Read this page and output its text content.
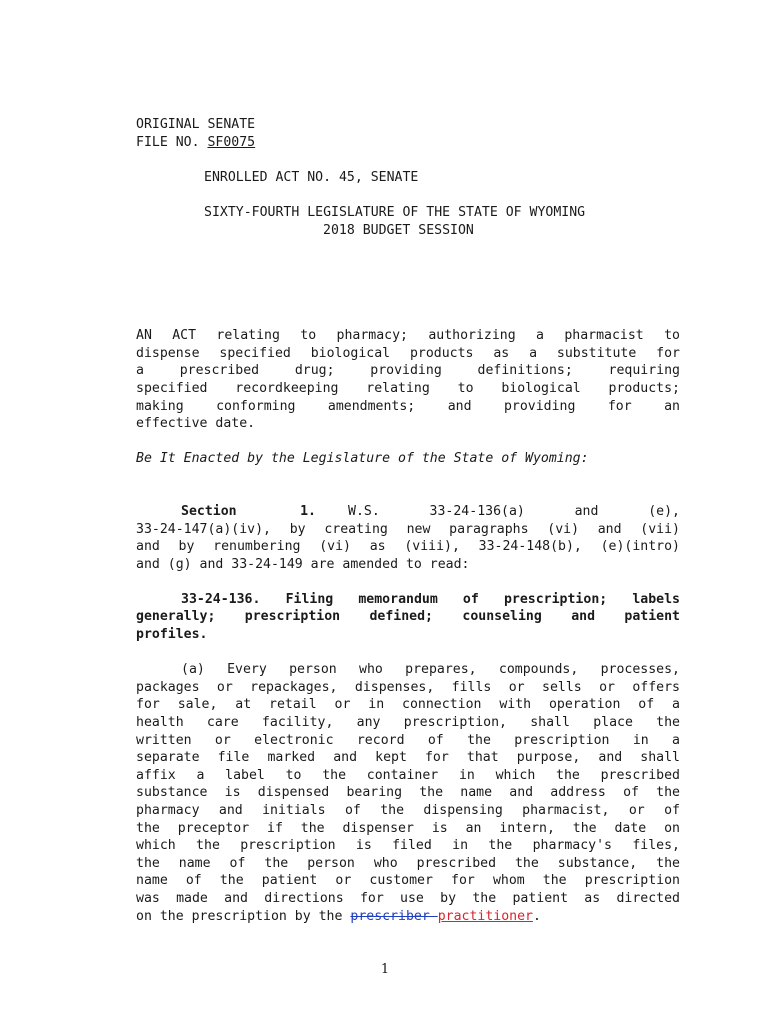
ORIGINAL SENATE
FILE NO. SF0075
ENROLLED ACT NO. 45, SENATE
SIXTY-FOURTH LEGISLATURE OF THE STATE OF WYOMING
2018 BUDGET SESSION
AN ACT relating to pharmacy; authorizing a pharmacist to
dispense specified biological products as a substitute for
a prescribed drug; providing definitions; requiring
specified recordkeeping relating to biological products;
making conforming amendments; and providing for an
effective date.
Be It Enacted by the Legislature of the State of Wyoming:
Section 1. W.S. 33-24-136(a) and (e),
33-24-147(a)(iv), by creating new paragraphs (vi) and (vii)
and by renumbering (vi) as (viii), 33-24-148(b), (e)(intro)
and (g) and 33-24-149 are amended to read:
33-24-136. Filing memorandum of prescription; labels
generally; prescription defined; counseling and patient
profiles.
(a) Every person who prepares, compounds, processes,
packages or repackages, dispenses, fills or sells or offers
for sale, at retail or in connection with operation of a
health care facility, any prescription, shall place the
written or electronic record of the prescription in a
separate file marked and kept for that purpose, and shall
affix a label to the container in which the prescribed
substance is dispensed bearing the name and address of the
pharmacy and initials of the dispensing pharmacist, or of
the preceptor if the dispenser is an intern, the date on
which the prescription is filed in the pharmacy's files,
the name of the person who prescribed the substance, the
name of the patient or customer for whom the prescription
was made and directions for use by the patient as directed
on the prescription by the prescriber practitioner.
1
